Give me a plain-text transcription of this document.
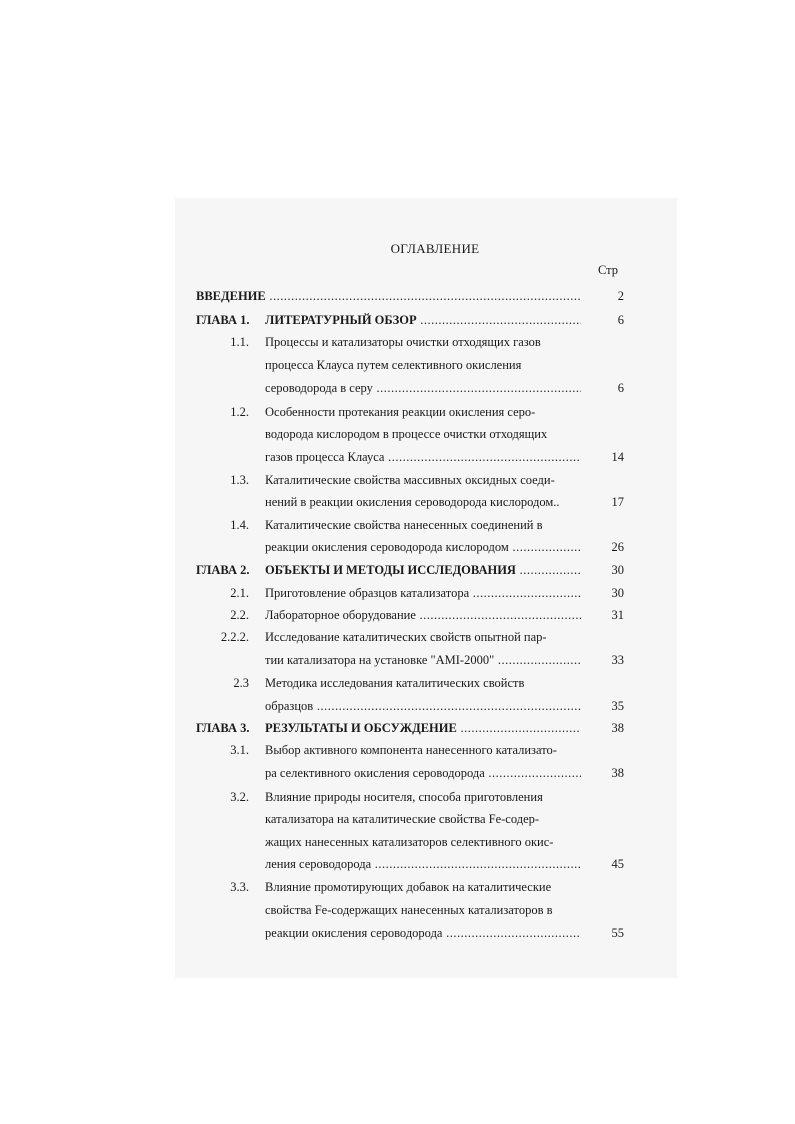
ОГЛАВЛЕНИЕ
Стр
ВВЕДЕНИЕ .....	2
ГЛАВА 1.	ЛИТЕРАТУРНЫЙ ОБЗОР .....	6
1.1. Процессы и катализаторы очистки отходящих газов
процесса Клауса путем селективного окисления
сероводорода в серу .....	6
1.2. Особенности протекания реакции окисления серо-
водорода кислородом в процессе очистки отходящих
газов процесса Клауса .....	14
1.3. Каталитические свойства массивных оксидных соеди-
нений в реакции окисления сероводорода кислородом..	17
1.4. Каталитические свойства нанесенных соединений в
реакции окисления сероводорода кислородом .....	26
ГЛАВА 2.	ОБЪЕКТЫ И МЕТОДЫ ИССЛЕДОВАНИЯ .....	30
2.1. Приготовление образцов катализатора .....	30
2.2. Лабораторное оборудование .....	31
2.2.2. Исследование каталитических свойств опытной пар-
тии катализатора на установке "AMI-2000" .....	33
2.3 Методика исследования каталитических свойств
образцов .....	35
ГЛАВА 3.	РЕЗУЛЬТАТЫ И ОБСУЖДЕНИЕ .....	38
3.1. Выбор активного компонента нанесенного катализато-
ра селективного окисления сероводорода .....	38
3.2. Влияние природы носителя, способа приготовления
катализатора на каталитические свойства Fe-содер-
жащих нанесенных катализаторов селективного окис-
ления сероводорода .....	45
3.3. Влияние промотирующих добавок на каталитические
свойства Fe-содержащих нанесенных катализаторов в
реакции окисления сероводорода .....	55
